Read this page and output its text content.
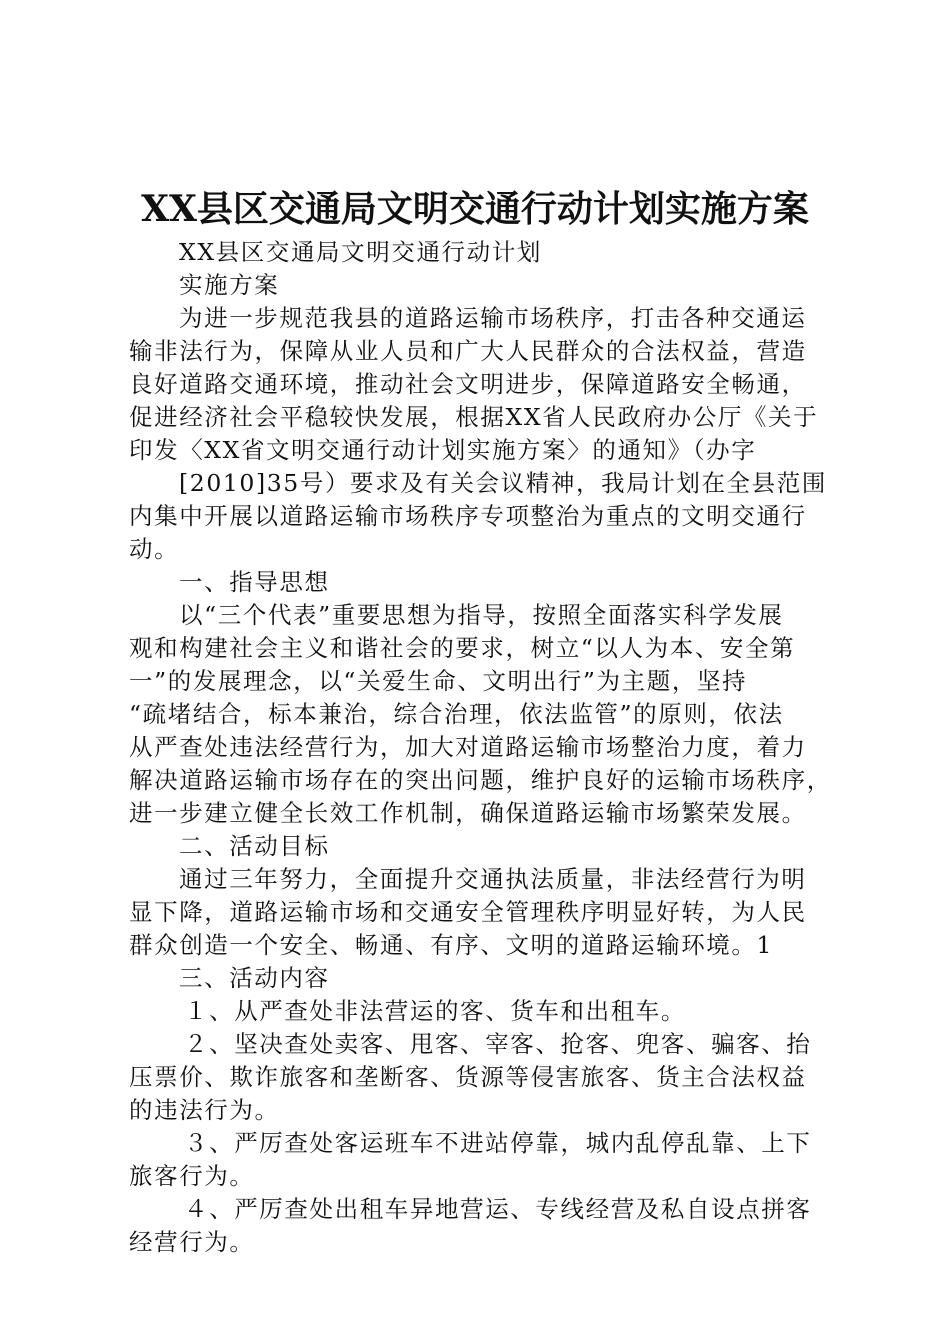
XX县区交通局文明交通行动计划实施方案
XX县区交通局文明交通行动计划
实施方案
为进一步规范我县的道路运输市场秩序，打击各种交通运
输非法行为，保障从业人员和广大人民群众的合法权益，营造
良好道路交通环境，推动社会文明进步，保障道路安全畅通，
促进经济社会平稳较快发展，根据XX省人民政府办公厅《关于
印发〈XX省文明交通行动计划实施方案〉的通知》（办字
[2010]35号）要求及有关会议精神，我局计划在全县范围
内集中开展以道路运输市场秩序专项整治为重点的文明交通行
动。
一、指导思想
以“三个代表”重要思想为指导，按照全面落实科学发展
观和构建社会主义和谐社会的要求，树立“以人为本、安全第
一”的发展理念，以“关爱生命、文明出行”为主题，坚持
“疏堵结合，标本兼治，综合治理，依法监管”的原则，依法
从严查处违法经营行为，加大对道路运输市场整治力度，着力
解决道路运输市场存在的突出问题，维护良好的运输市场秩序，
进一步建立健全长效工作机制，确保道路运输市场繁荣发展。
二、活动目标
通过三年努力，全面提升交通执法质量，非法经营行为明
显下降，道路运输市场和交通安全管理秩序明显好转，为人民
群众创造一个安全、畅通、有序、文明的道路运输环境。1
三、活动内容
１、从严查处非法营运的客、货车和出租车。
２、坚决查处卖客、甩客、宰客、抢客、兜客、骗客、抬
压票价、欺诈旅客和垄断客、货源等侵害旅客、货主合法权益
的违法行为。
３、严厉查处客运班车不进站停靠，城内乱停乱靠、上下
旅客行为。
４、严厉查处出租车异地营运、专线经营及私自设点拼客
经营行为。
